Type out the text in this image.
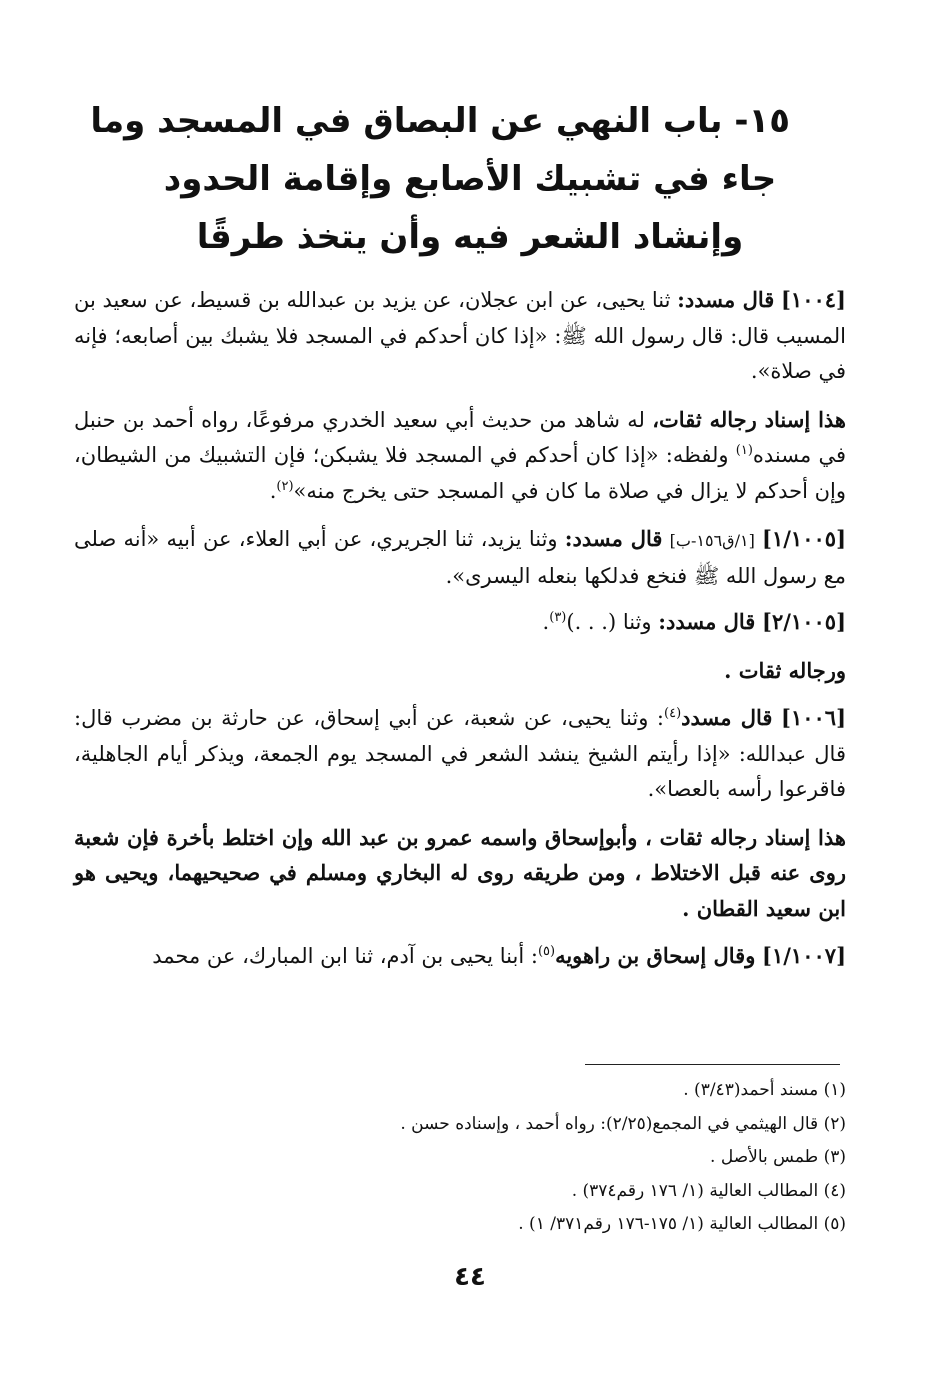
١٥- باب النهي عن البصاق في المسجد وما
جاء في تشبيك الأصابع وإقامة الحدود
وإنشاد الشعر فيه وأن يتخذ طرقًا

[١٠٠٤] قال مسدد: ثنا يحيى، عن ابن عجلان، عن يزيد بن عبدالله بن قسيط، عن سعيد بن المسيب قال: قال رسول الله ﷺ: «إذا كان أحدكم في المسجد فلا يشبك بين أصابعه؛ فإنه في صلاة».

هذا إسناد رجاله ثقات، له شاهد من حديث أبي سعيد الخدري مرفوعًا، رواه أحمد بن حنبل في مسنده$^{(١)}$ ولفظه: «إذا كان أحدكم في المسجد فلا يشبكن؛ فإن التشبيك من الشيطان، وإن أحدكم لا يزال في صلاة ما كان في المسجد حتى يخرج منه»$^{(٢)}$.

[١/١٠٠٥] [١/ق١٥٦-ب] قال مسدد: وثنا يزيد، ثنا الجريري، عن أبي العلاء، عن أبيه «أنه صلى مع رسول الله ﷺ فنخع فدلكها بنعله اليسرى».

[٢/١٠٠٥] قال مسدد: وثنا (. . .)$^{(٣)}$.

ورجاله ثقات .

[١٠٠٦] قال مسدد$^{(٤)}$: وثنا يحيى، عن شعبة، عن أبي إسحاق، عن حارثة بن مضرب قال: قال عبدالله: «إذا رأيتم الشيخ ينشد الشعر في المسجد يوم الجمعة، ويذكر أيام الجاهلية، فاقرعوا رأسه بالعصا».

هذا إسناد رجاله ثقات ، وأبوإسحاق واسمه عمرو بن عبد الله وإن اختلط بأخرة فإن شعبة روى عنه قبل الاختلاط ، ومن طريقه روى له البخاري ومسلم في صحيحيهما، ويحيى هو ابن سعيد القطان .

[١/١٠٠٧] وقال إسحاق بن راهويه$^{(٥)}$: أبنا يحيى بن آدم، ثنا ابن المبارك، عن محمد

(١) مسند أحمد(٣/٤٣) .
(٢) قال الهيثمي في المجمع(٢/٢٥): رواه أحمد ، وإسناده حسن .
(٣) طمس بالأصل .
(٤) المطالب العالية (١/ ١٧٦ رقم٣٧٤) .
(٥) المطالب العالية (١/ ١٧٥-١٧٦ رقم٣٧١/ ١) .
٤٤
